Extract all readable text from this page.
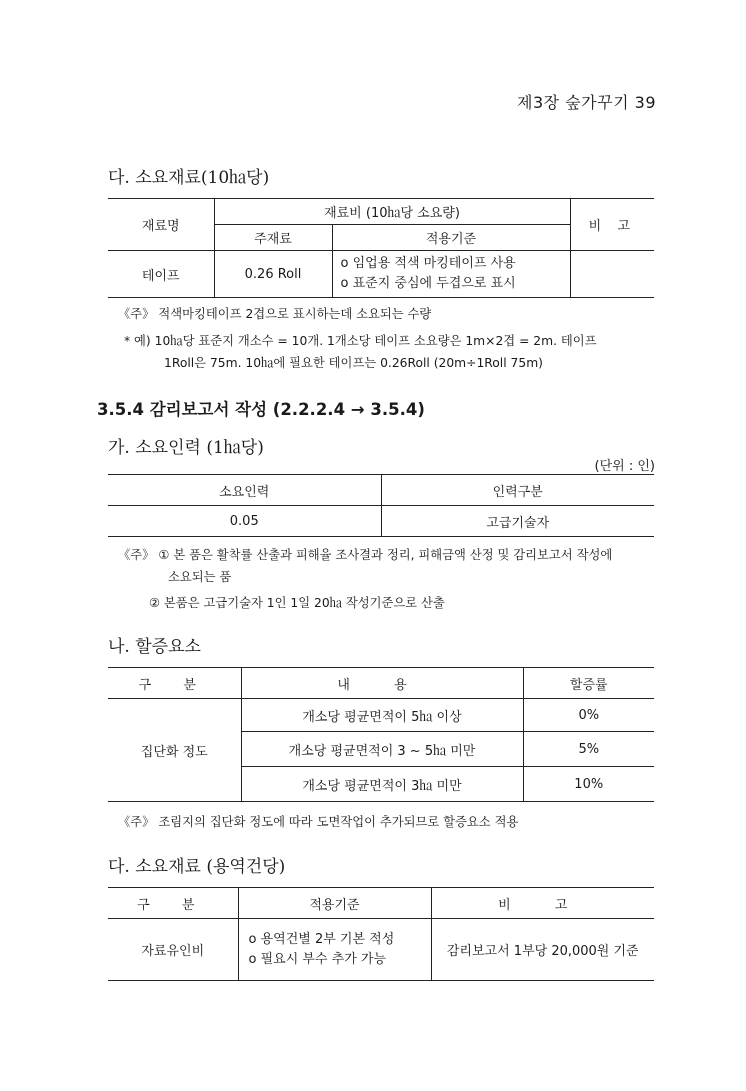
제3장 숲가꾸기 39
다. 소요재료(10㏊당)
재료명	재료비 (10㏊당 소요량)		비 고
	주재료	적용기준	
테이프	0.26 Roll	o 임업용 적색 마킹테이프 사용
o 표준지 중심에 두겹으로 표시	

《주》 적색마킹테이프 2겹으로 표시하는데 소요되는 수량
* 예) 10㏊당 표준지 개소수 = 10개. 1개소당 테이프 소요량은 1m×2겹 = 2m. 테이프
1Roll은 75m. 10㏊에 필요한 테이프는 0.26Roll (20m÷1Roll 75m)
3.5.4 감리보고서 작성 (2.2.2.4 → 3.5.4)
가. 소요인력 (1㏊당)
(단위 : 인)
소요인력	인력구분
0.05	고급기술자
《주》 ① 본 품은 활착률 산출과 피해율 조사결과 정리, 피해금액 산정 및 감리보고서 작성에
소요되는 품
② 본품은 고급기술자 1인 1일 20㏊ 작성기준으로 산출
나. 할증요소
구 분	내 용	할증률
집단화 정도	개소당 평균면적이 5㏊ 이상	0%
	개소당 평균면적이 3 ~ 5㏊ 미만	5%
	개소당 평균면적이 3㏊ 미만	10%
《주》 조림지의 집단화 정도에 따라 도면작업이 추가되므로 할증요소 적용
다. 소요재료 (용역건당)
구 분	적용기준	비 고
자료유인비	o 용역건별 2부 기본 적성
o 필요시 부수 추가 가능	감리보고서 1부당 20,000원 기준
